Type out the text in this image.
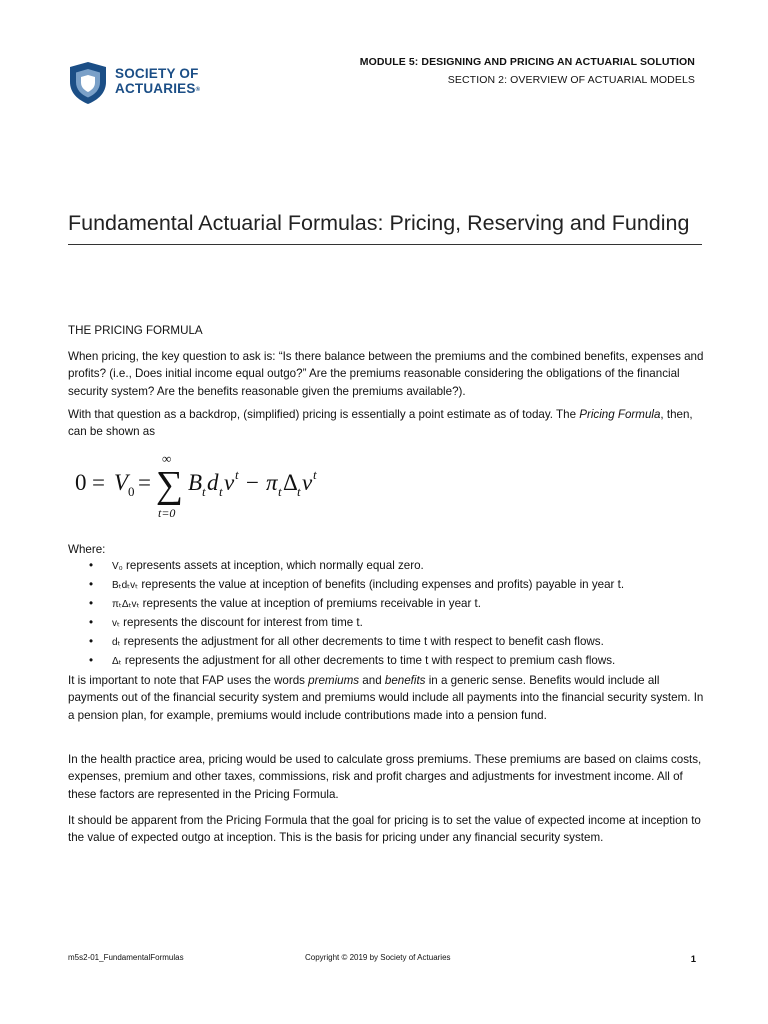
SOCIETY OF
ACTUARIES®
MODULE 5: DESIGNING AND PRICING AN ACTUARIAL SOLUTION
SECTION 2: OVERVIEW OF ACTUARIAL MODELS
Fundamental Actuarial Formulas: Pricing, Reserving and Funding
THE PRICING FORMULA
When pricing, the key question to ask is: “Is there balance between the premiums and the combined benefits, expenses and profits? (i.e., Does initial income equal outgo?” Are the premiums reasonable considering the obligations of the financial security system? Are the benefits reasonable given the premiums available?).
With that question as a backdrop, (simplified) pricing is essentially a point estimate as of today. The Pricing Formula, then, can be shown as
0 = V 0 =
∞
∑
t=0
B t d t v t − π t Δ t v t
Where:
• V₀ represents assets at inception, which normally equal zero.
• Bₜdₜvₜ represents the value at inception of benefits (including expenses and profits) payable in year t.
• πₜΔₜvₜ represents the value at inception of premiums receivable in year t.
• vₜ represents the discount for interest from time t.
• dₜ represents the adjustment for all other decrements to time t with respect to benefit cash flows.
• Δₜ represents the adjustment for all other decrements to time t with respect to premium cash flows.
It is important to note that FAP uses the words premiums and benefits in a generic sense. Benefits would include all payments out of the financial security system and premiums would include all payments into the financial security system. In a pension plan, for example, premiums would include contributions made into a pension fund.
In the health practice area, pricing would be used to calculate gross premiums. These premiums are based on claims costs, expenses, premium and other taxes, commissions, risk and profit charges and adjustments for investment income. All of these factors are represented in the Pricing Formula.
It should be apparent from the Pricing Formula that the goal for pricing is to set the value of expected income at inception to the value of expected outgo at inception. This is the basis for pricing under any financial security system.
m5s2-01_FundamentalFormulas	Copyright © 2019 by Society of Actuaries	1
